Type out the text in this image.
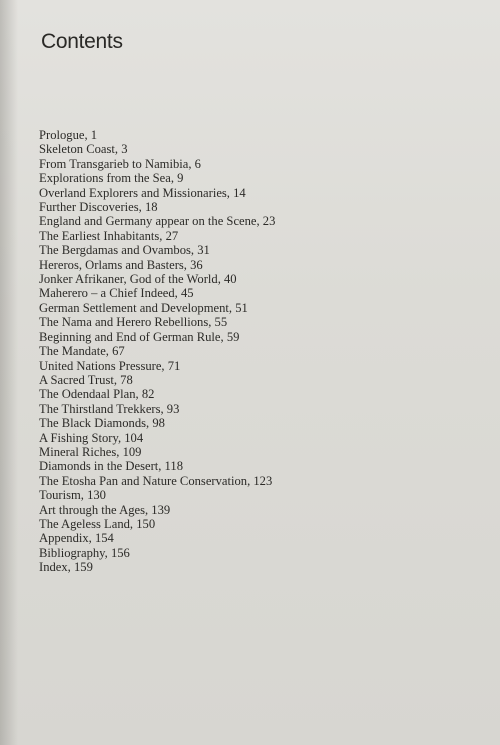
Contents
Prologue, 1
Skeleton Coast, 3
From Transgarieb to Namibia, 6
Explorations from the Sea, 9
Overland Explorers and Missionaries, 14
Further Discoveries, 18
England and Germany appear on the Scene, 23
The Earliest Inhabitants, 27
The Bergdamas and Ovambos, 31
Hereros, Orlams and Basters, 36
Jonker Afrikaner, God of the World, 40
Maherero – a Chief Indeed, 45
German Settlement and Development, 51
The Nama and Herero Rebellions, 55
Beginning and End of German Rule, 59
The Mandate, 67
United Nations Pressure, 71
A Sacred Trust, 78
The Odendaal Plan, 82
The Thirstland Trekkers, 93
The Black Diamonds, 98
A Fishing Story, 104
Mineral Riches, 109
Diamonds in the Desert, 118
The Etosha Pan and Nature Conservation, 123
Tourism, 130
Art through the Ages, 139
The Ageless Land, 150
Appendix, 154
Bibliography, 156
Index, 159
